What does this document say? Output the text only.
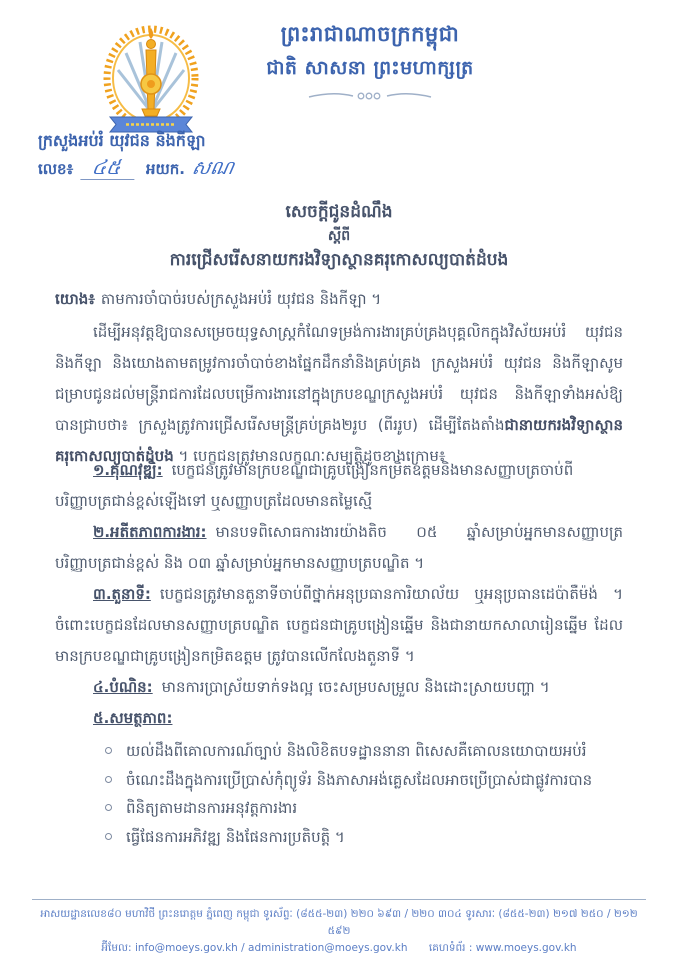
ព្រះរាជាណាចក្រកម្ពុជា
ជាតិ សាសនា ព្រះមហាក្សត្រ
ក្រសួងអប់រំ យុវជន និងកីឡា
លេខ៖ ៤៥ អយក. សណ
សេចក្តីជូនដំណឹង
ស្តីពី
ការជ្រើសរើសនាយករងវិទ្យាស្ថានគរុកោសល្យបាត់ដំបង
យោង៖ តាមការចាំបាច់របស់ក្រសួងអប់រំ យុវជន និងកីឡា ។

ដើម្បីអនុវត្តឱ្យបានសម្រេចយុទ្ធសាស្ត្រកំណែទម្រង់ការងារគ្រប់គ្រងបុគ្គលិកក្នុងវិស័យអប់រំ យុវជន និងកីឡា និងយោងតាមតម្រូវការចាំបាច់ខាងផ្នែកដឹកនាំនិងគ្រប់គ្រង ក្រសួងអប់រំ យុវជន និងកីឡាសូមជម្រាបជូនដល់មន្ត្រីរាជការដែលបម្រើការងារនៅក្នុងក្របខណ្ឌក្រសួងអប់រំ យុវជន និងកីឡាទាំងអស់ឱ្យបានជ្រាបថា៖ ក្រសួងត្រូវការជ្រើសរើសមន្ត្រីគ្រប់គ្រង២រូប (ពីររូប) ដើម្បីតែងតាំងជានាយករងវិទ្យាស្ថានគរុកោសល្យបាត់ដំបង ។ បេក្ខជនត្រូវមានលក្ខណៈសម្បត្តិដូចខាងក្រោម៖

១.គុណវុឌ្ឍិ: បេក្ខជនត្រូវមានក្របខណ្ឌជាគ្រូបង្រៀនកម្រិតឧត្តមនិងមានសញ្ញាបត្រចាប់ពីបរិញ្ញាបត្រជាន់ខ្ពស់ឡើងទៅ ឬសញ្ញាបត្រដែលមានតម្លៃស្មើ

២.អតីតភាពការងារ: មានបទពិសោធការងារយ៉ាងតិច ០៥ ឆ្នាំសម្រាប់អ្នកមានសញ្ញាបត្របរិញ្ញាបត្រជាន់ខ្ពស់ និង ០៣ ឆ្នាំសម្រាប់អ្នកមានសញ្ញាបត្របណ្ឌិត ។

៣.តួនាទី: បេក្ខជនត្រូវមានតួនាទីចាប់ពីថ្នាក់អនុប្រធានការិយាល័យ ឬអនុប្រធានដេប៉ាតឺម៉ង់ ។ ចំពោះបេក្ខជនដែលមានសញ្ញាបត្របណ្ឌិត បេក្ខជនជាគ្រូបង្រៀនឆ្នើម និងជានាយកសាលារៀនឆ្នើម ដែលមានក្របខណ្ឌជាគ្រូបង្រៀនកម្រិតឧត្តម ត្រូវបានលើកលែងតួនាទី ។

៤.បំណិន: មានការប្រាស្រ័យទាក់ទងល្អ ចេះសម្របសម្រួល និងដោះស្រាយបញ្ហា ។

៥.សមត្ថភាព:

យល់ដឹងពីគោលការណ៍ច្បាប់ និងលិខិតបទដ្ឋាននានា ពិសេសគឺគោលនយោបាយអប់រំ
ចំណេះដឹងក្នុងការប្រើប្រាស់កុំព្យូទ័រ និងភាសាអង់គ្លេសដែលអាចប្រើប្រាស់ជាផ្លូវការបាន
ពិនិត្យតាមដានការអនុវត្តការងារ
ធ្វើផែនការអភិវឌ្ឍ និងផែនការប្រតិបត្តិ ។
អាសយដ្ឋានលេខ៨០ មហាវិថី ព្រះនរោត្តម ភ្នំពេញ កម្ពុជា ទូរស័ព្ទៈ (៨៥៥-២៣) ២២០ ៦៩៣ / ២២០ ៣០៤ ទូរសារៈ (៨៥៥-២៣) ២១៧ ២៥០ / ២១២ ៥៩២
អ៊ីមែល: info@moeys.gov.kh / administration@moeys.gov.kh គេហទំព័រ : www.moeys.gov.kh
